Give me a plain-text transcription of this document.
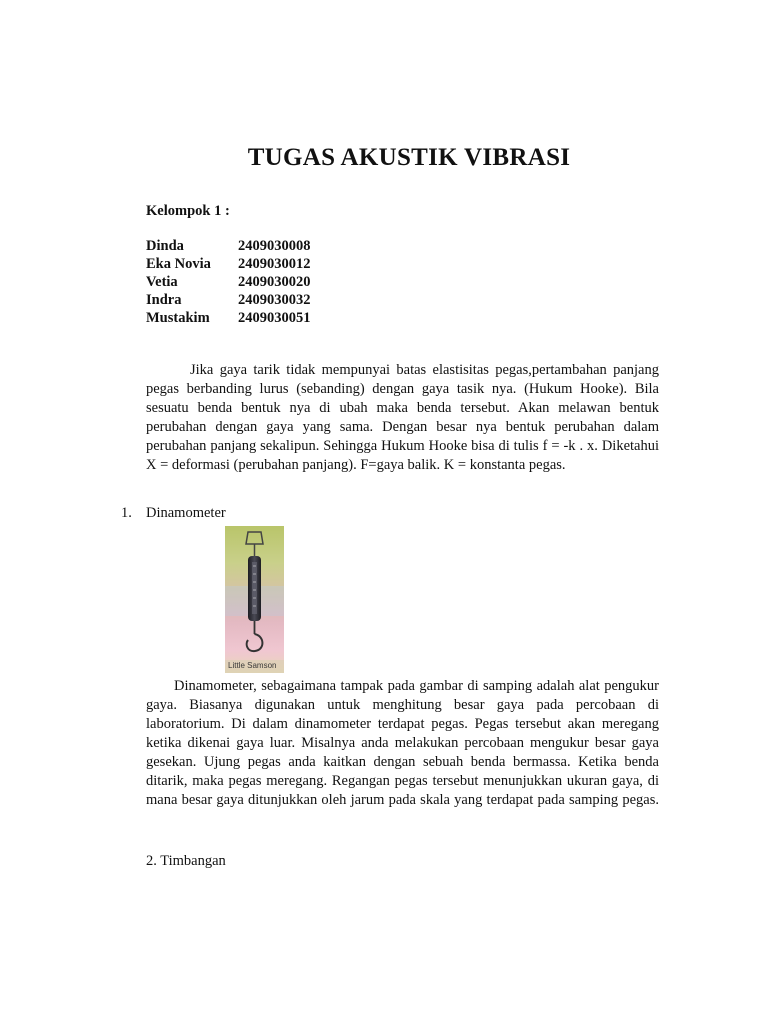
TUGAS AKUSTIK VIBRASI

Kelompok 1 :

Dinda	2409030008
Eka Novia	2409030012
Vetia	2409030020
Indra	2409030032
Mustakim	2409030051

Jika gaya tarik tidak mempunyai batas elastisitas pegas,pertambahan panjang pegas berbanding lurus (sebanding) dengan gaya tasik nya. (Hukum Hooke). Bila sesuatu benda bentuk nya di ubah maka benda tersebut. Akan melawan bentuk perubahan dengan gaya yang sama. Dengan besar nya bentuk perubahan dalam perubahan panjang sekalipun. Sehingga Hukum Hooke bisa di tulis f = -k . x. Diketahui X = deformasi (perubahan panjang). F=gaya balik. K = konstanta pegas.

1. Dinamometer

Little Samson

Dinamometer, sebagaimana tampak pada gambar di samping adalah alat pengukur gaya. Biasanya digunakan untuk menghitung besar gaya pada percobaan di laboratorium. Di dalam dinamometer terdapat pegas. Pegas tersebut akan meregang ketika dikenai gaya luar. Misalnya anda melakukan percobaan mengukur besar gaya gesekan. Ujung pegas anda kaitkan dengan sebuah benda bermassa. Ketika benda ditarik, maka pegas meregang. Regangan pegas tersebut menunjukkan ukuran gaya, di mana besar gaya ditunjukkan oleh jarum pada skala yang terdapat pada samping pegas.

2. Timbangan
